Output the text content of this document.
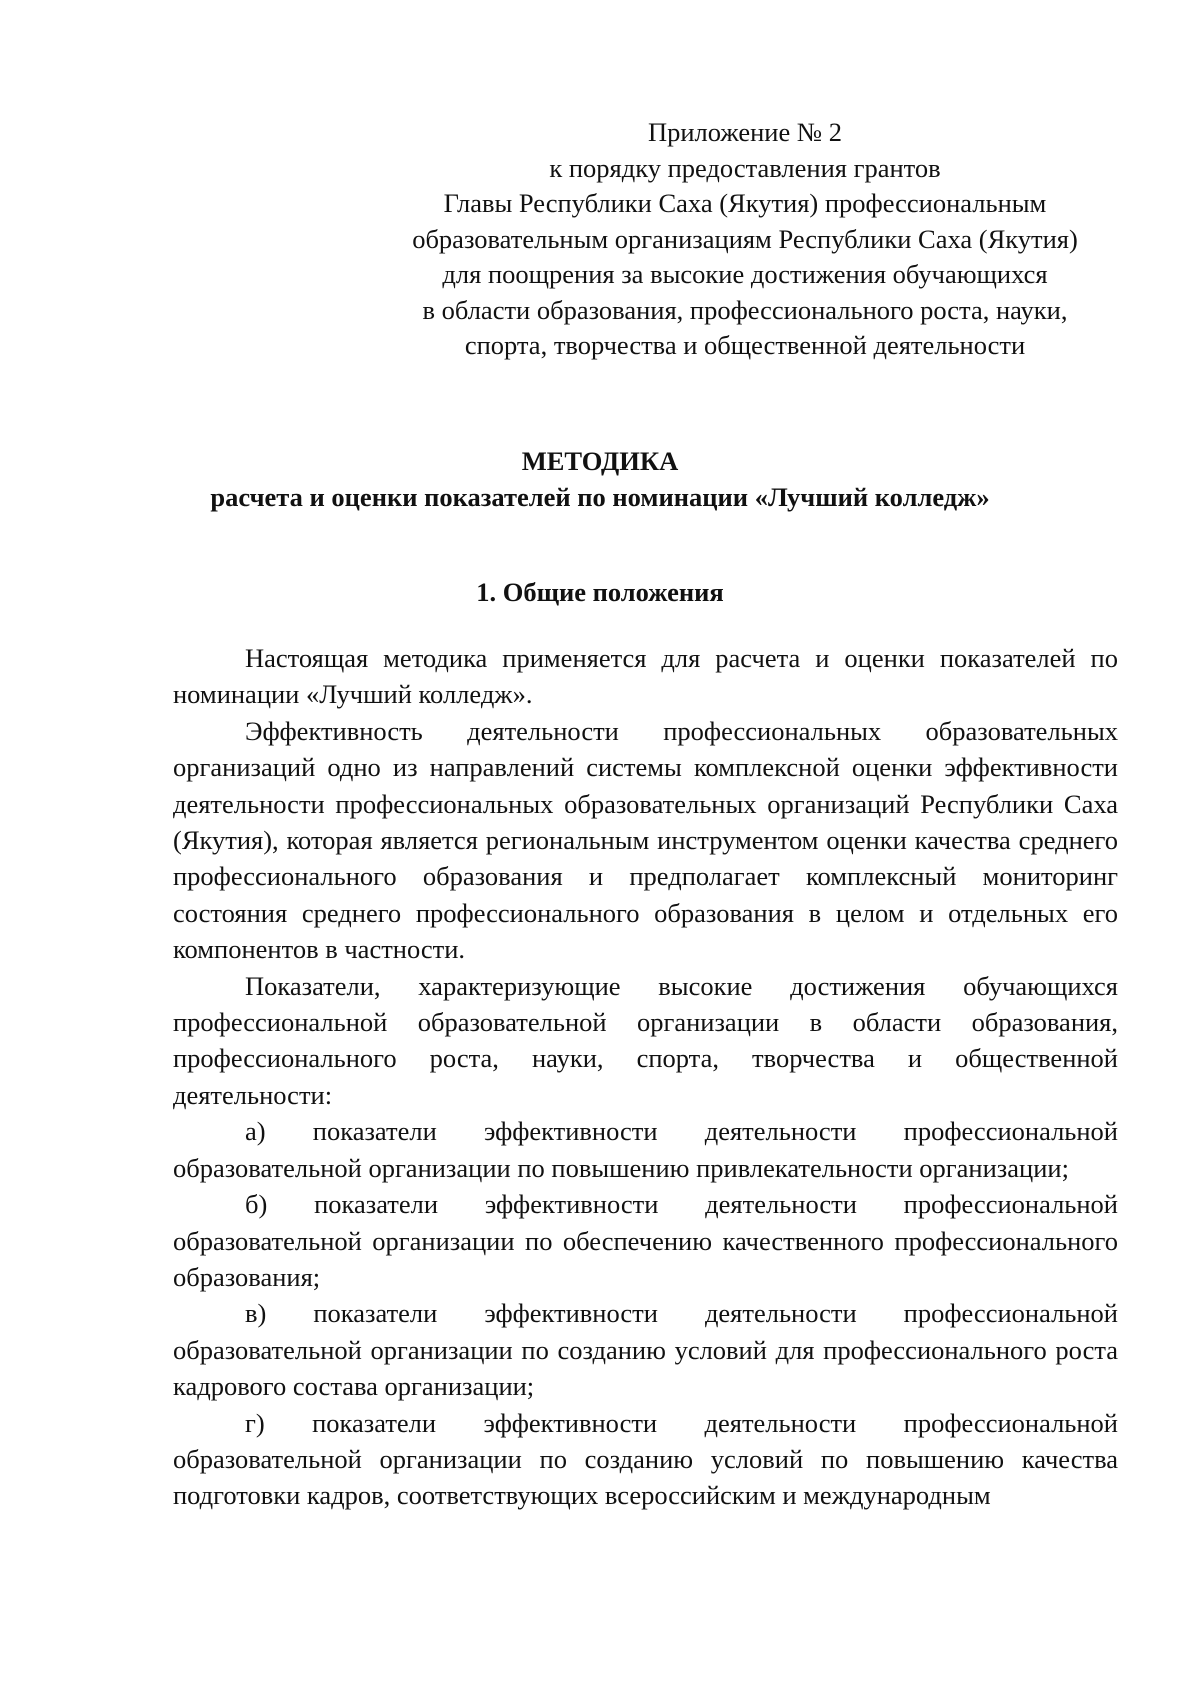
Приложение № 2
к порядку предоставления грантов
Главы Республики Саха (Якутия) профессиональным
образовательным организациям Республики Саха (Якутия)
для поощрения за высокие достижения обучающихся
в области образования, профессионального роста, науки,
спорта, творчества и общественной деятельности
МЕТОДИКА
расчета и оценки показателей по номинации «Лучший колледж»
1. Общие положения

Настоящая методика применяется для расчета и оценки показателей по номинации «Лучший колледж».

Эффективность деятельности профессиональных образовательных организаций одно из направлений системы комплексной оценки эффективности деятельности профессиональных образовательных организаций Республики Саха (Якутия), которая является региональным инструментом оценки качества среднего профессионального образования и предполагает комплексный мониторинг состояния среднего профессионального образования в целом и отдельных его компонентов в частности.

Показатели, характеризующие высокие достижения обучающихся профессиональной образовательной организации в области образования, профессионального роста, науки, спорта, творчества и общественной деятельности:

а) показатели эффективности деятельности профессиональной образовательной организации по повышению привлекательности организации;

б) показатели эффективности деятельности профессиональной образовательной организации по обеспечению качественного профессионального образования;

в) показатели эффективности деятельности профессиональной образовательной организации по созданию условий для профессионального роста кадрового состава организации;

г) показатели эффективности деятельности профессиональной образовательной организации по созданию условий по повышению качества подготовки кадров, соответствующих всероссийским и международным
